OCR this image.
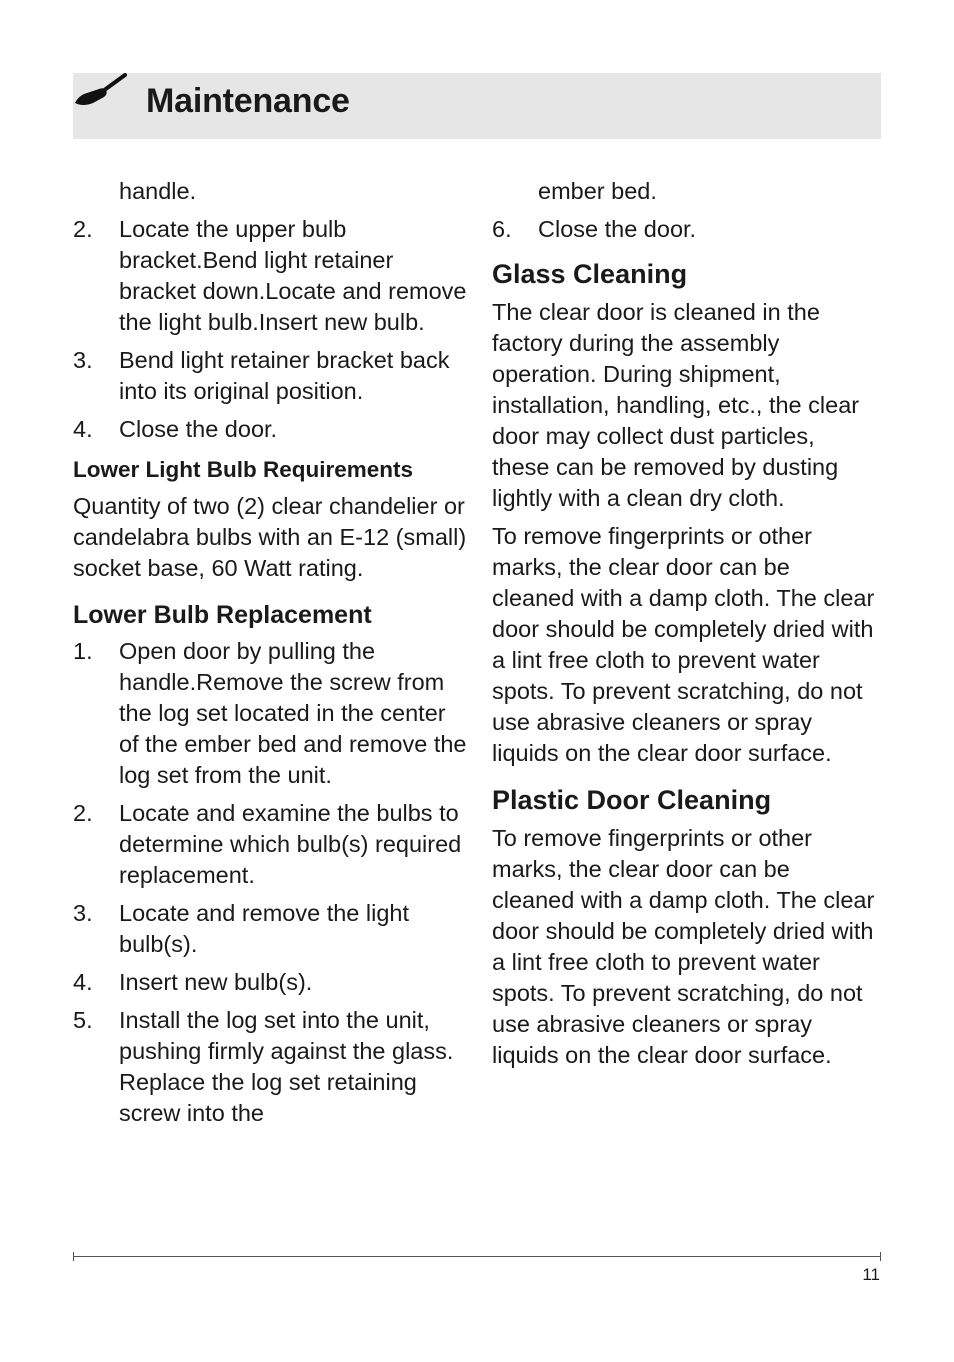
Maintenance
handle.
2.	Locate the upper bulb bracket.Bend light retainer bracket down.Locate and remove the light bulb.Insert new bulb.
3.	Bend light retainer bracket back into its original position.
4.	Close the door.
Lower Light Bulb Requirements

Quantity of two (2) clear chandelier or candelabra bulbs with an E-12 (small) socket base, 60 Watt rating.

Lower Bulb Replacement
1.	Open door by pulling the handle.Remove the screw from the log set located in the center of the ember bed and remove the log set from the unit.
2.	Locate and examine the bulbs to determine which bulb(s) required replacement.
3.	Locate and remove the light bulb(s).
4.	Insert new bulb(s).
5.	Install the log set into the unit, pushing firmly against the glass. Replace the log set retaining screw into the
ember bed.
6.	Close the door.
Glass Cleaning

The clear door is cleaned in the factory during the assembly operation. During shipment, installation, handling, etc., the clear door may collect dust particles, these can be removed by dusting lightly with a clean dry cloth.

To remove fingerprints or other marks, the clear door can be cleaned with a damp cloth. The clear door should be completely dried with a lint free cloth to prevent water spots. To prevent scratching, do not use abrasive cleaners or spray liquids on the clear door surface.

Plastic Door Cleaning

To remove fingerprints or other marks, the clear door can be cleaned with a damp cloth. The clear door should be completely dried with a lint free cloth to prevent water spots. To prevent scratching, do not use abrasive cleaners or spray liquids on the clear door surface.

11
